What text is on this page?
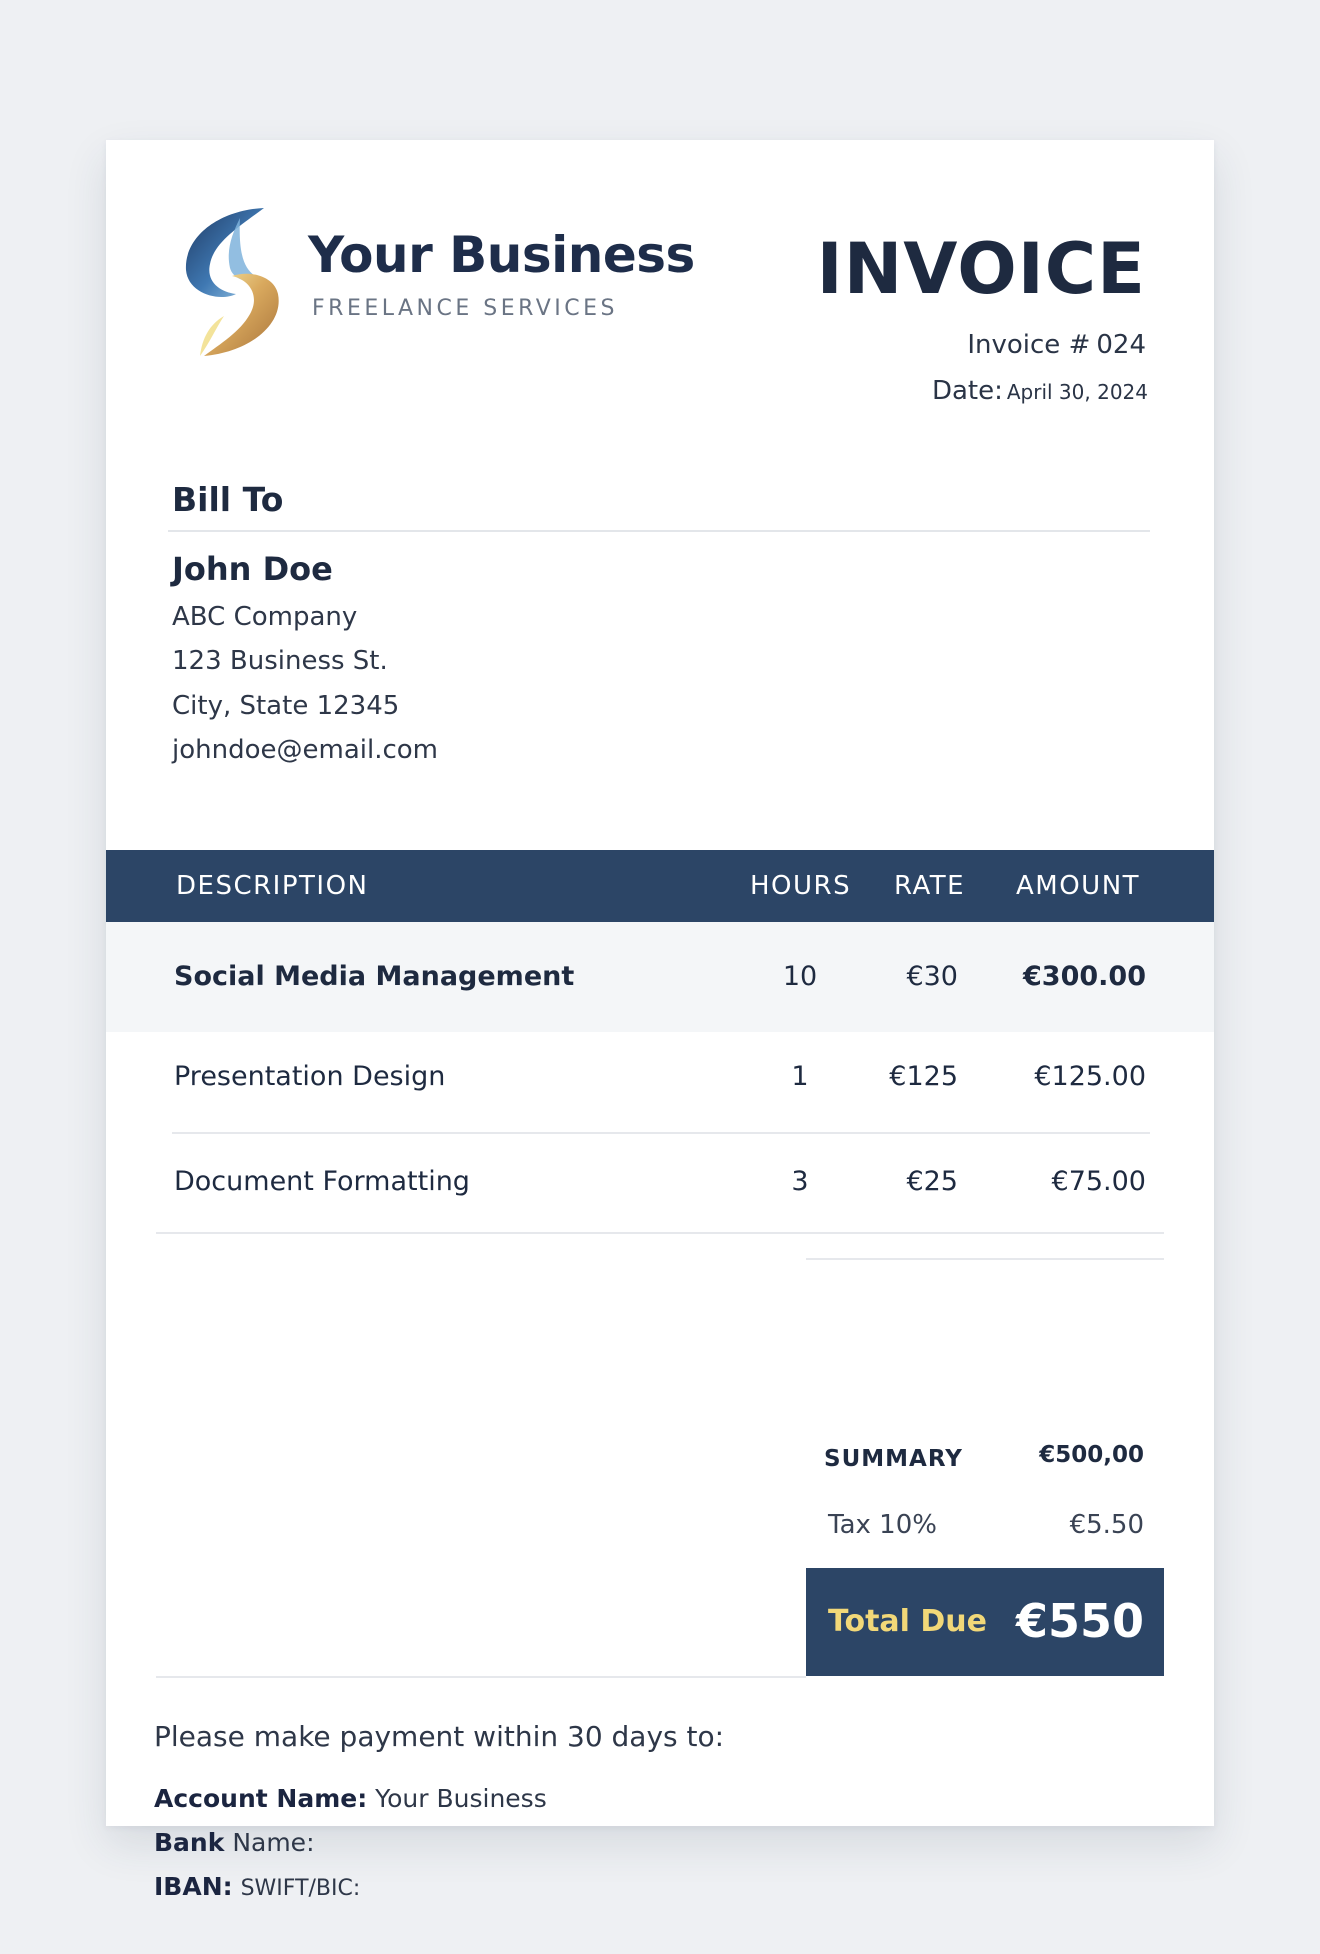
Your Business
FREELANCE SERVICES	INVOICE
Invoice # 024
Date: April 30, 2024
Bill To
John Doe
ABC Company
123 Business St.
City, State 12345
johndoe@email.com
DESCRIPTION	HOURS RATE AMOUNT
Social Media Management	10	€30 €300.00
Presentation Design	1	€125	€125.00
Document Formatting	3	€25	€75.00
SUMMARY	€500,00
Tax 10%	€5.50
Total Due €550
Please make payment within 30 days to:
Account Name: Your Business
Bank Name:
IBAN: SWIFT/BIC:
